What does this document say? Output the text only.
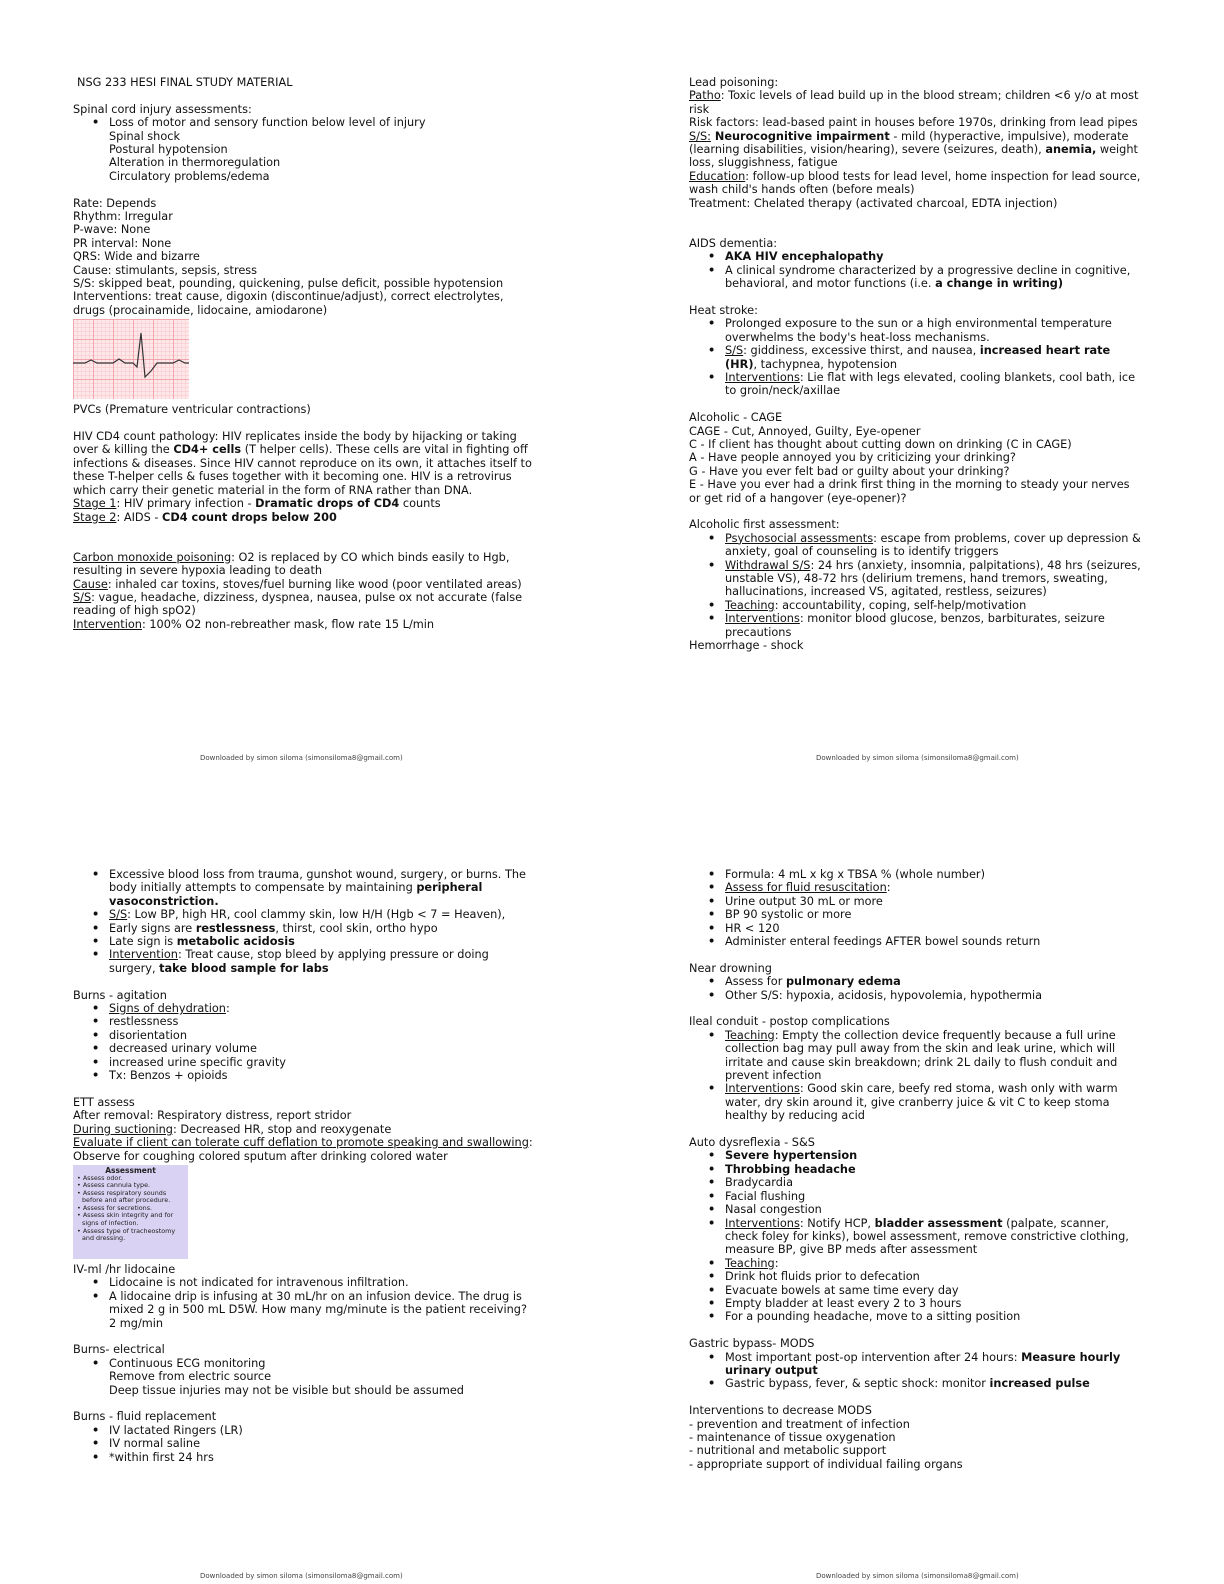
NSG 233 HESI FINAL STUDY MATERIAL

Spinal cord injury assessments:

• Loss of motor and sensory function below level of injury

Spinal shock

Postural hypotension

Alteration in thermoregulation

Circulatory problems/edema

Rate: Depends

Rhythm: Irregular

P-wave: None

PR interval: None

QRS: Wide and bizarre

Cause: stimulants, sepsis, stress

S/S: skipped beat, pounding, quickening, pulse deficit, possible hypotension

Interventions: treat cause, digoxin (discontinue/adjust), correct electrolytes,

drugs (procainamide, lidocaine, amiodarone)

PVCs (Premature ventricular contractions)

HIV CD4 count pathology: HIV replicates inside the body by hijacking or taking over & killing the CD4+ cells (T helper cells). These cells are vital in fighting off infections & diseases. Since HIV cannot reproduce on its own, it attaches itself to these T-helper cells & fuses together with it becoming one. HIV is a retrovirus which carry their genetic material in the form of RNA rather than DNA.

Stage 1: HIV primary infection - Dramatic drops of CD4 counts

Stage 2: AIDS - CD4 count drops below 200

Carbon monoxide poisoning: O2 is replaced by CO which binds easily to Hgb, resulting in severe hypoxia leading to death

Cause: inhaled car toxins, stoves/fuel burning like wood (poor ventilated areas)

S/S: vague, headache, dizziness, dyspnea, nausea, pulse ox not accurate (false reading of high spO2)

Intervention: 100% O2 non-rebreather mask, flow rate 15 L/min

Downloaded by simon siloma (simonsiloma8@gmail.com)

Lead poisoning:

Patho: Toxic levels of lead build up in the blood stream; children <6 y/o at most risk

Risk factors: lead-based paint in houses before 1970s, drinking from lead pipes

S/S: Neurocognitive impairment - mild (hyperactive, impulsive), moderate (learning disabilities, vision/hearing), severe (seizures, death), anemia, weight loss, sluggishness, fatigue

Education: follow-up blood tests for lead level, home inspection for lead source, wash child's hands often (before meals)

Treatment: Chelated therapy (activated charcoal, EDTA injection)

AIDS dementia:

• AKA HIV encephalopathy
• A clinical syndrome characterized by a progressive decline in cognitive, behavioral, and motor functions (i.e. a change in writing)

Heat stroke:

• Prolonged exposure to the sun or a high environmental temperature overwhelms the body's heat-loss mechanisms.
• S/S: giddiness, excessive thirst, and nausea, increased heart rate (HR), tachypnea, hypotension
• Interventions: Lie flat with legs elevated, cooling blankets, cool bath, ice to groin/neck/axillae

Alcoholic - CAGE

CAGE - Cut, Annoyed, Guilty, Eye-opener

C - If client has thought about cutting down on drinking (C in CAGE)

A - Have people annoyed you by criticizing your drinking?

G - Have you ever felt bad or guilty about your drinking?

E - Have you ever had a drink first thing in the morning to steady your nerves or get rid of a hangover (eye-opener)?

Alcoholic first assessment:

• Psychosocial assessments: escape from problems, cover up depression & anxiety, goal of counseling is to identify triggers
• Withdrawal S/S: 24 hrs (anxiety, insomnia, palpitations), 48 hrs (seizures, unstable VS), 48-72 hrs (delirium tremens, hand tremors, sweating, hallucinations, increased VS, agitated, restless, seizures)
• Teaching: accountability, coping, self-help/motivation
• Interventions: monitor blood glucose, benzos, barbiturates, seizure precautions

Hemorrhage - shock

Downloaded by simon siloma (simonsiloma8@gmail.com)
• Excessive blood loss from trauma, gunshot wound, surgery, or burns. The body initially attempts to compensate by maintaining peripheral vasoconstriction.
• S/S: Low BP, high HR, cool clammy skin, low H/H (Hgb < 7 = Heaven),
• Early signs are restlessness, thirst, cool skin, ortho hypo
• Late sign is metabolic acidosis
• Intervention: Treat cause, stop bleed by applying pressure or doing surgery, take blood sample for labs

Burns - agitation

• Signs of dehydration:
• restlessness
• disorientation
• decreased urinary volume
• increased urine specific gravity
• Tx: Benzos + opioids

ETT assess

After removal: Respiratory distress, report stridor

During suctioning: Decreased HR, stop and reoxygenate

Evaluate if client can tolerate cuff deflation to promote speaking and swallowing: Observe for coughing colored sputum after drinking colored water

Assessment

• Assess odor.
• Assess cannula type.
• Assess respiratory sounds before and after procedure.
• Assess for secretions.
• Assess skin integrity and for signs of infection.
• Assess type of tracheostomy and dressing.

IV-ml /hr lidocaine

• Lidocaine is not indicated for intravenous infiltration.
• A lidocaine drip is infusing at 30 mL/hr on an infusion device. The drug is mixed 2 g in 500 mL D5W. How many mg/minute is the patient receiving? 2 mg/min

Burns- electrical

• Continuous ECG monitoring

Remove from electric source

Deep tissue injuries may not be visible but should be assumed

Burns - fluid replacement

• IV lactated Ringers (LR)
• IV normal saline
• *within first 24 hrs
Downloaded by simon siloma (simonsiloma8@gmail.com)
• Formula: 4 mL x kg x TBSA % (whole number)
• Assess for fluid resuscitation:
• Urine output 30 mL or more
• BP 90 systolic or more
• HR < 120
• Administer enteral feedings AFTER bowel sounds return

Near drowning

• Assess for pulmonary edema
• Other S/S: hypoxia, acidosis, hypovolemia, hypothermia

Ileal conduit - postop complications

• Teaching: Empty the collection device frequently because a full urine collection bag may pull away from the skin and leak urine, which will irritate and cause skin breakdown; drink 2L daily to flush conduit and prevent infection
• Interventions: Good skin care, beefy red stoma, wash only with warm water, dry skin around it, give cranberry juice & vit C to keep stoma healthy by reducing acid

Auto dysreflexia - S&S

• Severe hypertension
• Throbbing headache
• Bradycardia
• Facial flushing
• Nasal congestion
• Interventions: Notify HCP, bladder assessment (palpate, scanner, check foley for kinks), bowel assessment, remove constrictive clothing, measure BP, give BP meds after assessment
• Teaching:
• Drink hot fluids prior to defecation
• Evacuate bowels at same time every day
• Empty bladder at least every 2 to 3 hours
• For a pounding headache, move to a sitting position

Gastric bypass- MODS

• Most important post-op intervention after 24 hours: Measure hourly urinary output
• Gastric bypass, fever, & septic shock: monitor increased pulse

Interventions to decrease MODS

- prevention and treatment of infection

- maintenance of tissue oxygenation

- nutritional and metabolic support

- appropriate support of individual failing organs

Downloaded by simon siloma (simonsiloma8@gmail.com)
